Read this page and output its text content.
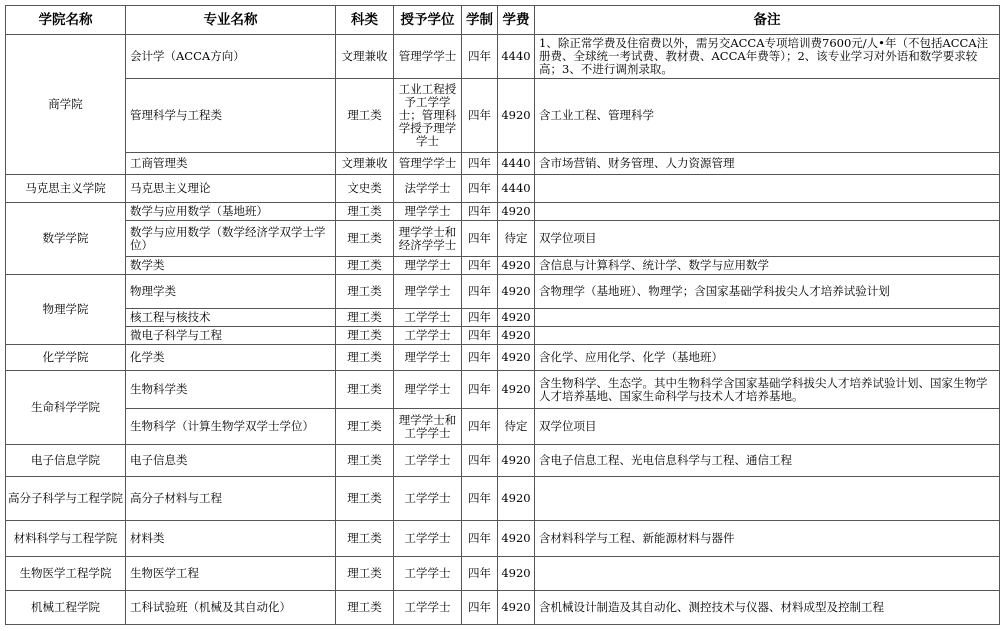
学院名称	专业名称	科类	授予学位	学制	学费	备注
商学院	会计学（ACCA方向）	文理兼收	管理学学士	四年	4440	1、除正常学费及住宿费以外，需另交ACCA专项培训费7600元/人•年（不包括ACCA注册费、全球统一考试费、教材费、ACCA年费等）；2、该专业学习对外语和数学要求较高；3、不进行调剂录取。
	管理科学与工程类	理工类	工业工程授予工学学士；管理科学授予理学学士	四年	4920	含工业工程、管理科学
	工商管理类	文理兼收	管理学学士	四年	4440	含市场营销、财务管理、人力资源管理
马克思主义学院	马克思主义理论	文史类	法学学士	四年	4440	
数学学院	数学与应用数学（基地班）	理工类	理学学士	四年	4920	
	数学与应用数学（数学经济学双学士学位）	理工类	理学学士和经济学学士	四年	待定	双学位项目
	数学类	理工类	理学学士	四年	4920	含信息与计算科学、统计学、数学与应用数学
物理学院	物理学类	理工类	理学学士	四年	4920	含物理学（基地班）、物理学；含国家基础学科拔尖人才培养试验计划
	核工程与核技术	理工类	工学学士	四年	4920	
	微电子科学与工程	理工类	工学学士	四年	4920	
化学学院	化学类	理工类	理学学士	四年	4920	含化学、应用化学、化学（基地班）
生命科学学院	生物科学类	理工类	理学学士	四年	4920	含生物科学、生态学。其中生物科学含国家基础学科拔尖人才培养试验计划、国家生物学人才培养基地、国家生命科学与技术人才培养基地。
	生物科学（计算生物学双学士学位）	理工类	理学学士和工学学士	四年	待定	双学位项目
电子信息学院	电子信息类	理工类	工学学士	四年	4920	含电子信息工程、光电信息科学与工程、通信工程
高分子科学与工程学院	高分子材料与工程	理工类	工学学士	四年	4920	
材料科学与工程学院	材料类	理工类	工学学士	四年	4920	含材料科学与工程、新能源材料与器件
生物医学工程学院	生物医学工程	理工类	工学学士	四年	4920	
机械工程学院	工科试验班（机械及其自动化）	理工类	工学学士	四年	4920	含机械设计制造及其自动化、测控技术与仪器、材料成型及控制工程
